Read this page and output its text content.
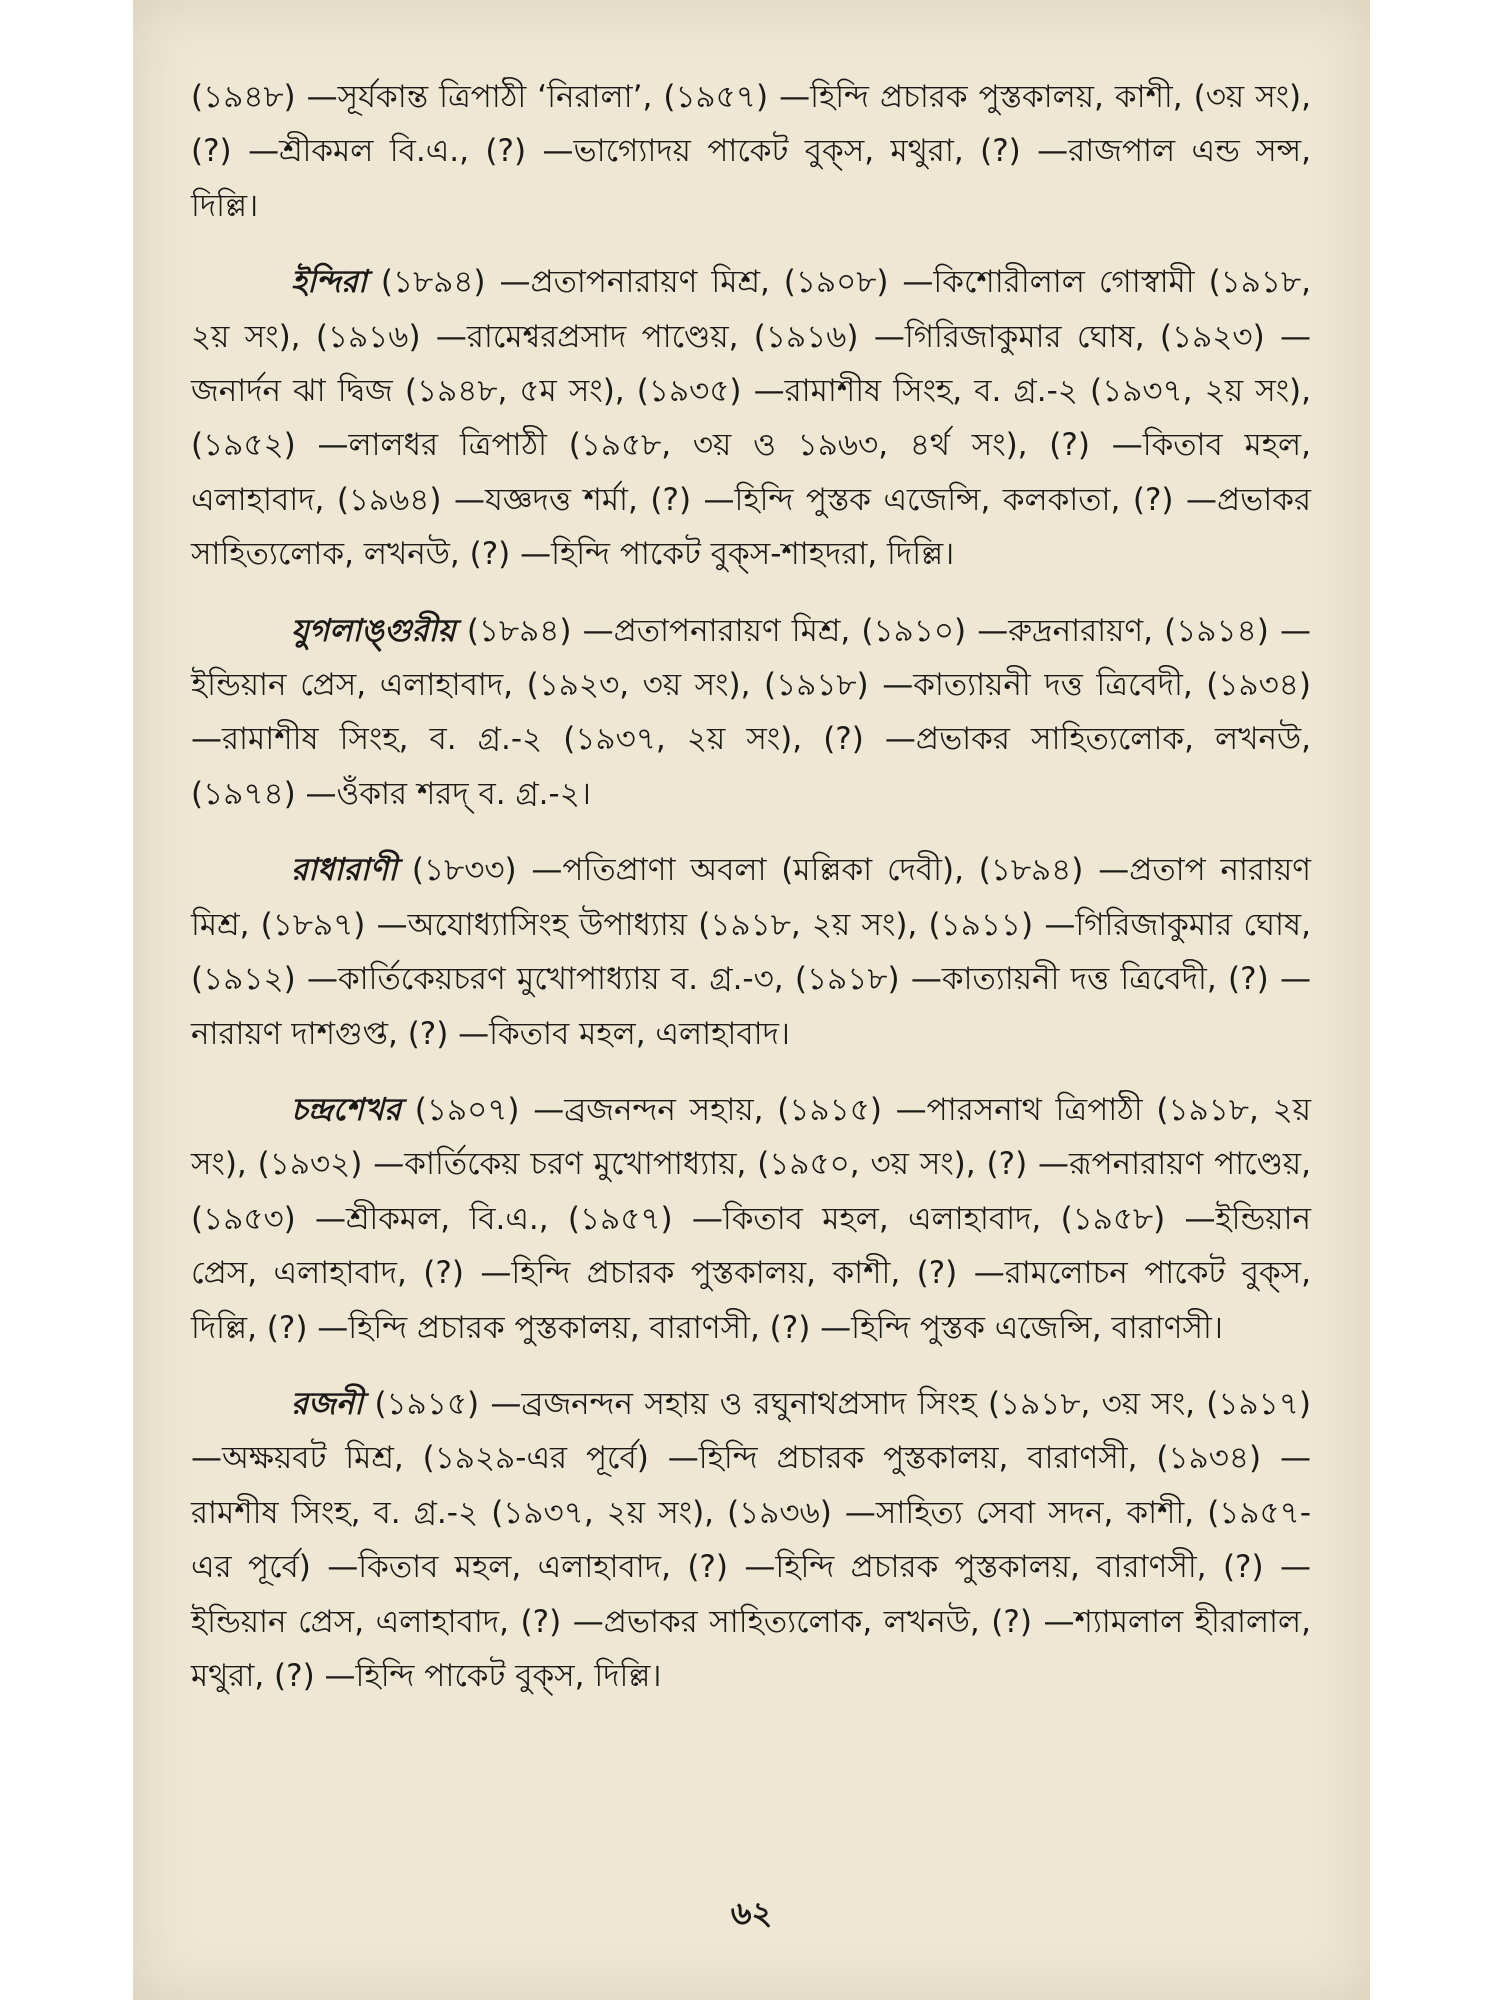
(১৯৪৮) —সূর্যকান্ত ত্রিপাঠী ‘নিরালা’, (১৯৫৭) —হিন্দি প্রচারক পুস্তকালয়, কাশী, (৩য় সং), (?) —শ্রীকমল বি.এ., (?) —ভাগ্যোদয় পাকেট বুক্‌স, মথুরা, (?) —রাজপাল এন্ড সন্স, দিল্লি।

ইন্দিরা (১৮৯৪) —প্রতাপনারায়ণ মিশ্র, (১৯০৮) —কিশোরীলাল গোস্বামী (১৯১৮, ২য় সং), (১৯১৬) —রামেশ্বরপ্রসাদ পাণ্ডেয়, (১৯১৬) —গিরিজাকুমার ঘোষ, (১৯২৩) —জনার্দন ঝা দ্বিজ (১৯৪৮, ৫ম সং), (১৯৩৫) —রামাশীষ সিংহ, ব. গ্র.-২ (১৯৩৭, ২য় সং), (১৯৫২) —লালধর ত্রিপাঠী (১৯৫৮, ৩য় ও ১৯৬৩, ৪র্থ সং), (?) —কিতাব মহল, এলাহাবাদ, (১৯৬৪) —যজ্ঞদত্ত শর্মা, (?) —হিন্দি পুস্তক এজেন্সি, কলকাতা, (?) —প্রভাকর সাহিত্যলোক, লখনউ, (?) —হিন্দি পাকেট বুক্‌স-শাহদরা, দিল্লি।

যুগলাঙ্গুরীয় (১৮৯৪) —প্রতাপনারায়ণ মিশ্র, (১৯১০) —রুদ্রনারায়ণ, (১৯১৪) —ইন্ডিয়ান প্রেস, এলাহাবাদ, (১৯২৩, ৩য় সং), (১৯১৮) —কাত্যায়নী দত্ত ত্রিবেদী, (১৯৩৪) —রামাশীষ সিংহ, ব. গ্র.-২ (১৯৩৭, ২য় সং), (?) —প্রভাকর সাহিত্যলোক, লখনউ, (১৯৭৪) —ওঁকার শরদ্‌ ব. গ্র.-২।

রাধারাণী (১৮৩৩) —পতিপ্রাণা অবলা (মল্লিকা দেবী), (১৮৯৪) —প্রতাপ নারায়ণ মিশ্র, (১৮৯৭) —অযোধ্যাসিংহ উপাধ্যায় (১৯১৮, ২য় সং), (১৯১১) —গিরিজাকুমার ঘোষ, (১৯১২) —কার্তিকেয়চরণ মুখোপাধ্যায় ব. গ্র.-৩, (১৯১৮) —কাত্যায়নী দত্ত ত্রিবেদী, (?) —নারায়ণ দাশগুপ্ত, (?) —কিতাব মহল, এলাহাবাদ।

চন্দ্রশেখর (১৯০৭) —ব্রজনন্দন সহায়, (১৯১৫) —পারসনাথ ত্রিপাঠী (১৯১৮, ২য় সং), (১৯৩২) —কার্তিকেয় চরণ মুখোপাধ্যায়, (১৯৫০, ৩য় সং), (?) —রূপনারায়ণ পাণ্ডেয়, (১৯৫৩) —শ্রীকমল, বি.এ., (১৯৫৭) —কিতাব মহল, এলাহাবাদ, (১৯৫৮) —ইন্ডিয়ান প্রেস, এলাহাবাদ, (?) —হিন্দি প্রচারক পুস্তকালয়, কাশী, (?) —রামলোচন পাকেট বুক্‌স, দিল্লি, (?) —হিন্দি প্রচারক পুস্তকালয়, বারাণসী, (?) —হিন্দি পুস্তক এজেন্সি, বারাণসী।

রজনী (১৯১৫) —ব্রজনন্দন সহায় ও রঘুনাথপ্রসাদ সিংহ (১৯১৮, ৩য় সং, (১৯১৭) —অক্ষয়বট মিশ্র, (১৯২৯-এর পূর্বে) —হিন্দি প্রচারক পুস্তকালয়, বারাণসী, (১৯৩৪) —রামশীষ সিংহ, ব. গ্র.-২ (১৯৩৭, ২য় সং), (১৯৩৬) —সাহিত্য সেবা সদন, কাশী, (১৯৫৭-এর পূর্বে) —কিতাব মহল, এলাহাবাদ, (?) —হিন্দি প্রচারক পুস্তকালয়, বারাণসী, (?) —ইন্ডিয়ান প্রেস, এলাহাবাদ, (?) —প্রভাকর সাহিত্যলোক, লখনউ, (?) —শ্যামলাল হীরালাল, মথুরা, (?) —হিন্দি পাকেট বুক্‌স, দিল্লি।

৬২
